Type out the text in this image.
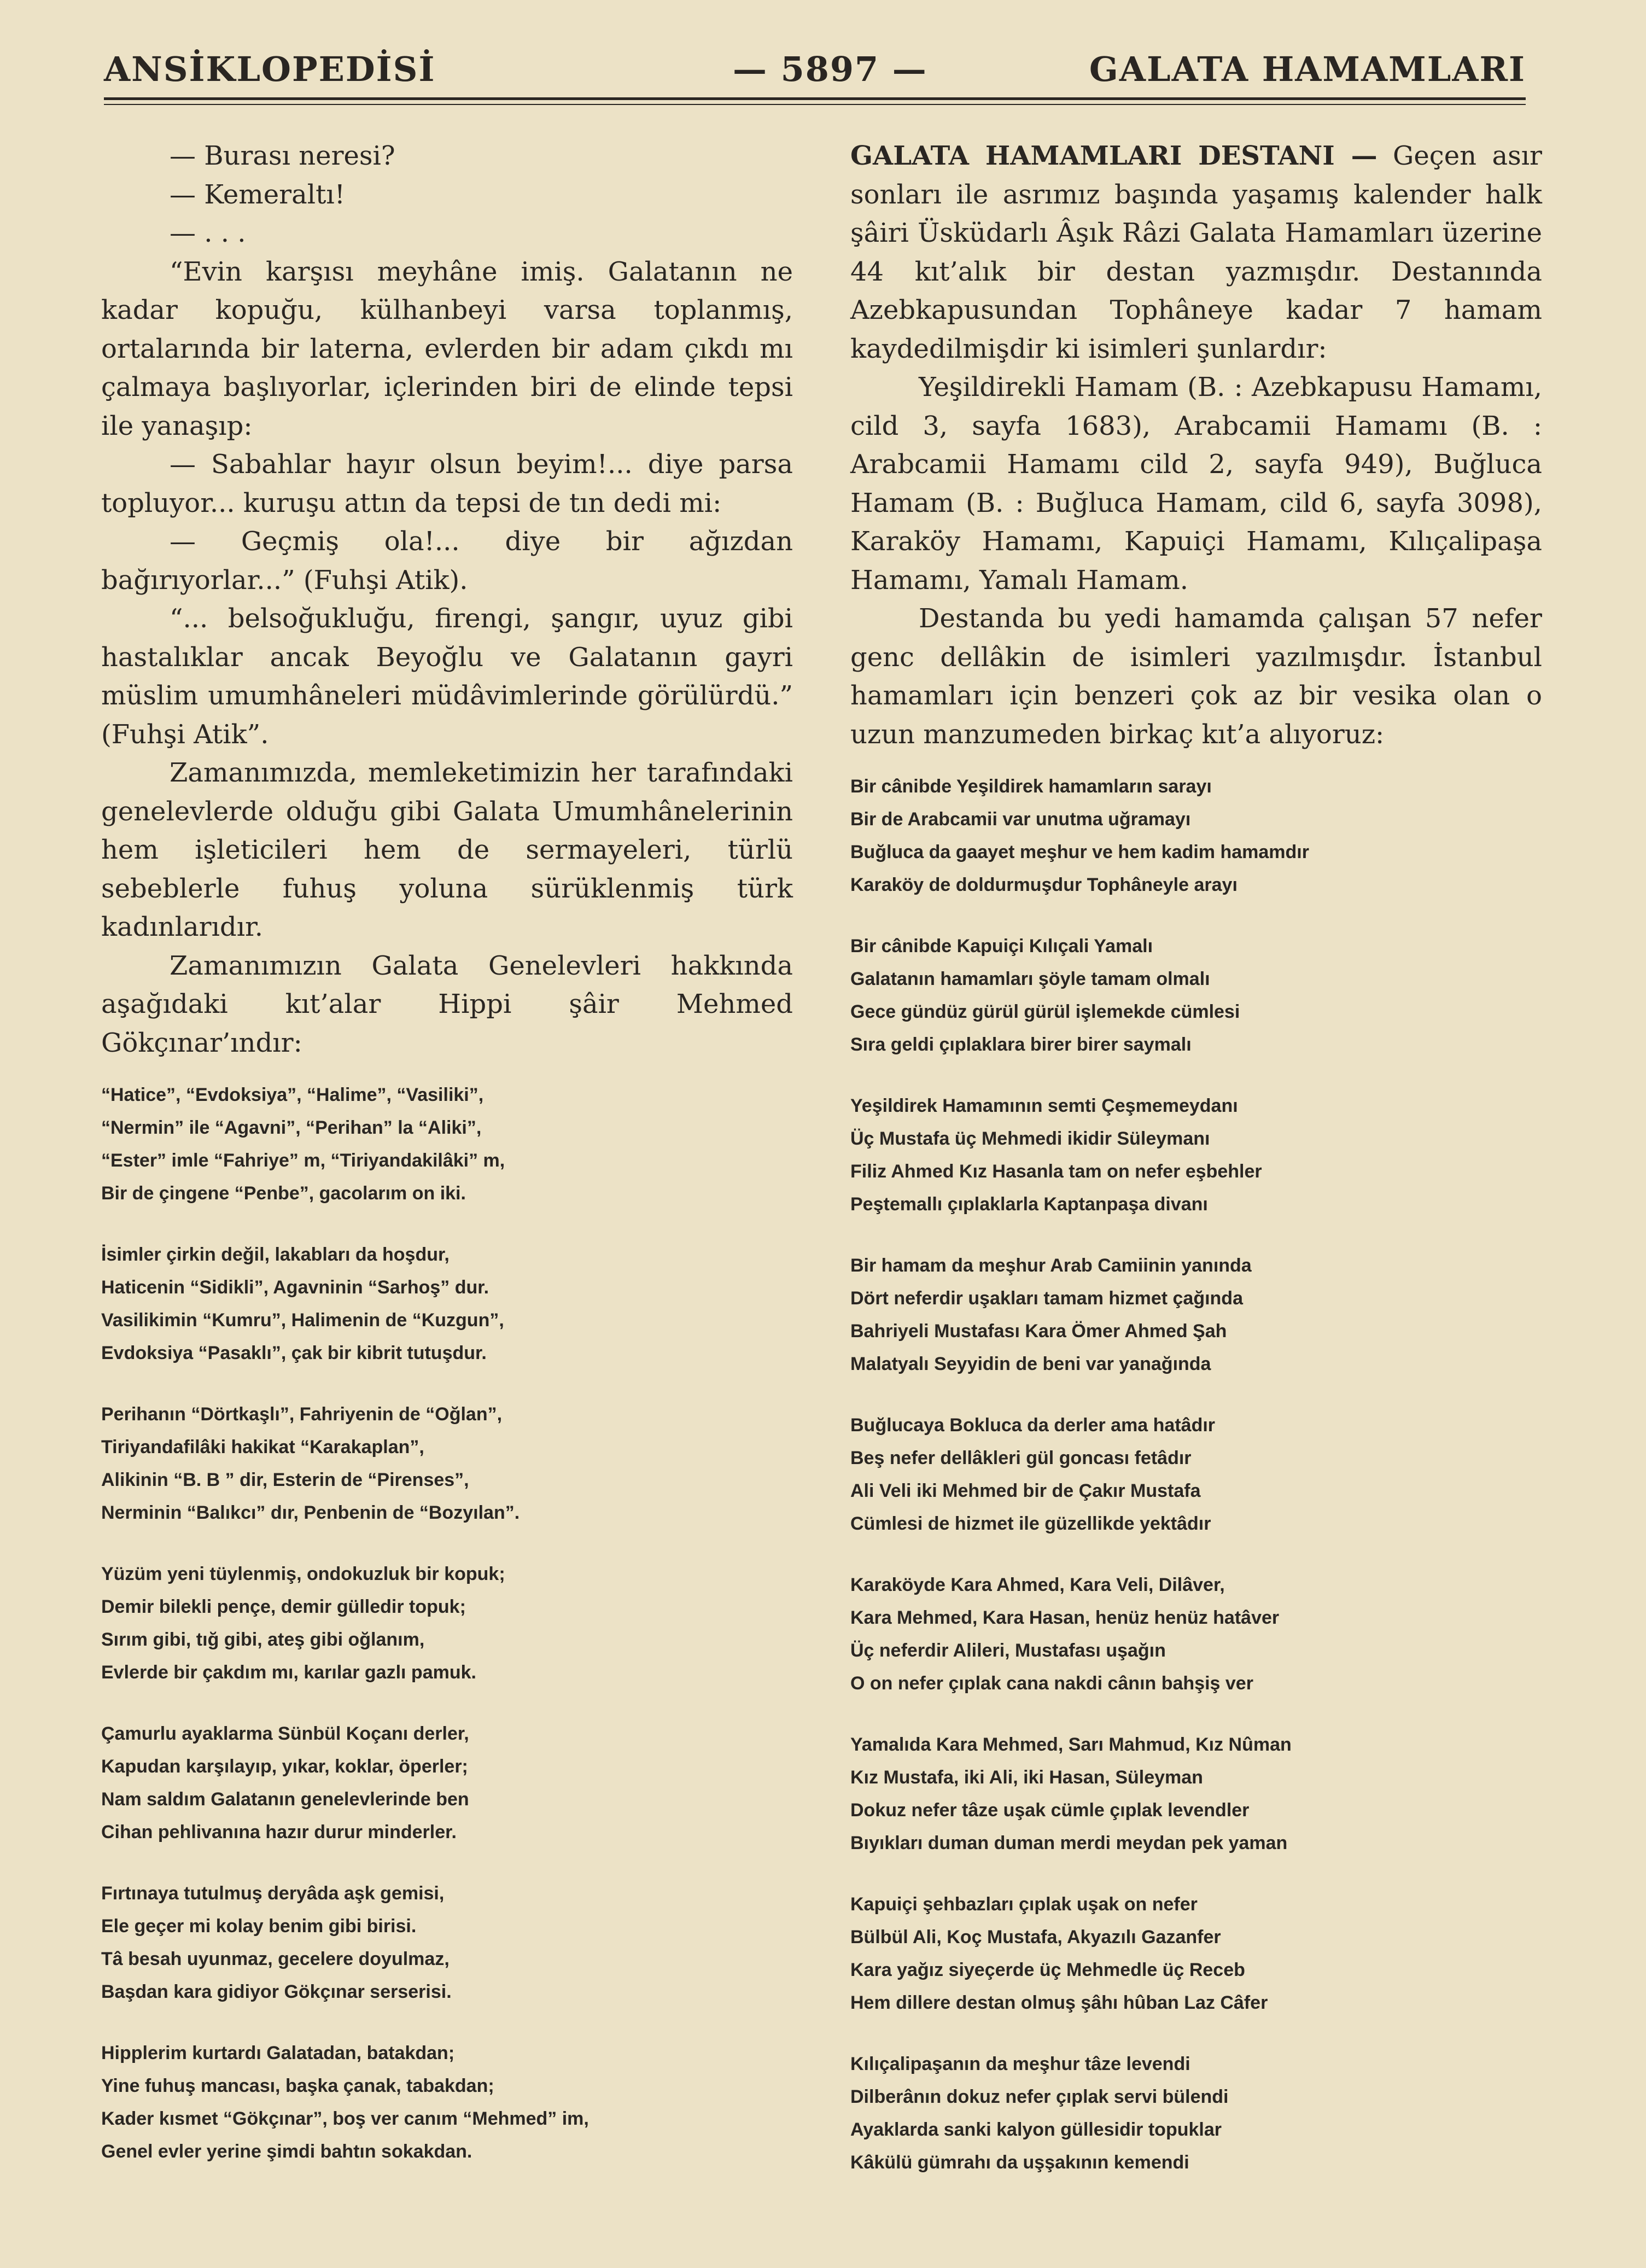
ANSİKLOPEDİSİ	— 5897 —	GALATA HAMAMLARI

— Burası neresi?

— Kemeraltı!

— . . .

“Evin karşısı meyhâne imiş. Galatanın ne kadar kopuğu, külhanbeyi varsa toplanmış, ortalarında bir laterna, evlerden bir adam çıkdı mı çalmaya başlıyorlar, içlerinden biri de elinde tepsi ile yanaşıp:

— Sabahlar hayır olsun beyim!... diye parsa topluyor... kuruşu attın da tepsi de tın dedi mi:

— Geçmiş ola!... diye bir ağızdan bağırıyorlar...” (Fuhşi Atik).

“... belsoğukluğu, firengi, şangır, uyuz gibi hastalıklar ancak Beyoğlu ve Galatanın gayri müslim umumhâneleri müdâvimlerinde görülürdü.” (Fuhşi Atik”.

Zamanımızda, memleketimizin her tarafındaki genelevlerde olduğu gibi Galata Umumhânelerinin hem işleticileri hem de sermayeleri, türlü sebeblerle fuhuş yoluna sürüklenmiş türk kadınlarıdır.

Zamanımızın Galata Genelevleri hakkında aşağıdaki kıt’alar Hippi şâir Mehmed Gökçınar’ındır:

“Hatice”, “Evdoksiya”, “Halime”, “Vasiliki”,
“Nermin” ile “Agavni”, “Perihan” la “Aliki”,
“Ester” imle “Fahriye” m, “Tiriyandakilâki” m,
Bir de çingene “Penbe”, gacolarım on iki.
İsimler çirkin değil, lakabları da hoşdur,
Haticenin “Sidikli”, Agavninin “Sarhoş” dur.
Vasilikimin “Kumru”, Halimenin de “Kuzgun”,
Evdoksiya “Pasaklı”, çak bir kibrit tutuşdur.
Perihanın “Dörtkaşlı”, Fahriyenin de “Oğlan”,
Tiriyandafilâki hakikat “Karakaplan”,
Alikinin “B. B ” dir, Esterin de “Pirenses”,
Nerminin “Balıkcı” dır, Penbenin de “Bozyılan”.
Yüzüm yeni tüylenmiş, ondokuzluk bir kopuk;
Demir bilekli pençe, demir gülledir topuk;
Sırım gibi, tığ gibi, ateş gibi oğlanım,
Evlerde bir çakdım mı, karılar gazlı pamuk.
Çamurlu ayaklarma Sünbül Koçanı derler,
Kapudan karşılayıp, yıkar, koklar, öperler;
Nam saldım Galatanın genelevlerinde ben
Cihan pehlivanına hazır durur minderler.
Fırtınaya tutulmuş deryâda aşk gemisi,
Ele geçer mi kolay benim gibi birisi.
Tâ besah uyunmaz, gecelere doyulmaz,
Başdan kara gidiyor Gökçınar serserisi.
Hipplerim kurtardı Galatadan, batakdan;
Yine fuhuş mancası, başka çanak, tabakdan;
Kader kısmet “Gökçınar”, boş ver canım “Mehmed” im,
Genel evler yerine şimdi bahtın sokakdan.

GALATA HAMAMLARI DESTANI — Geçen asır sonları ile asrımız başında yaşamış kalender halk şâiri Üsküdarlı Âşık Râzi Galata Hamamları üzerine 44 kıt’alık bir destan yazmışdır. Destanında Azebkapusundan Tophâneye kadar 7 hamam kaydedilmişdir ki isimleri şunlardır:

Yeşildirekli Hamam (B. : Azebkapusu Hamamı, cild 3, sayfa 1683), Arabcamii Hamamı (B. : Arabcamii Hamamı cild 2, sayfa 949), Buğluca Hamam (B. : Buğluca Hamam, cild 6, sayfa 3098), Karaköy Hamamı, Kapuiçi Hamamı, Kılıçalipaşa Hamamı, Yamalı Hamam.

Destanda bu yedi hamamda çalışan 57 nefer genc dellâkin de isimleri yazılmışdır. İstanbul hamamları için benzeri çok az bir vesika olan o uzun manzumeden birkaç kıt’a alıyoruz:

Bir cânibde Yeşildirek hamamların sarayı
Bir de Arabcamii var unutma uğramayı
Buğluca da gaayet meşhur ve hem kadim hamamdır
Karaköy de doldurmuşdur Tophâneyle arayı
Bir cânibde Kapuiçi Kılıçali Yamalı
Galatanın hamamları şöyle tamam olmalı
Gece gündüz gürül gürül işlemekde cümlesi
Sıra geldi çıplaklara birer birer saymalı
Yeşildirek Hamamının semti Çeşmemeydanı
Üç Mustafa üç Mehmedi ikidir Süleymanı
Filiz Ahmed Kız Hasanla tam on nefer eşbehler
Peştemallı çıplaklarla Kaptanpaşa divanı
Bir hamam da meşhur Arab Camiinin yanında
Dört neferdir uşakları tamam hizmet çağında
Bahriyeli Mustafası Kara Ömer Ahmed Şah
Malatyalı Seyyidin de beni var yanağında
Buğlucaya Bokluca da derler ama hatâdır
Beş nefer dellâkleri gül goncası fetâdır
Ali Veli iki Mehmed bir de Çakır Mustafa
Cümlesi de hizmet ile güzellikde yektâdır
Karaköyde Kara Ahmed, Kara Veli, Dilâver,
Kara Mehmed, Kara Hasan, henüz henüz hatâver
Üç neferdir Alileri, Mustafası uşağın
O on nefer çıplak cana nakdi cânın bahşiş ver
Yamalıda Kara Mehmed, Sarı Mahmud, Kız Nûman
Kız Mustafa, iki Ali, iki Hasan, Süleyman
Dokuz nefer tâze uşak cümle çıplak levendler
Bıyıkları duman duman merdi meydan pek yaman
Kapuiçi şehbazları çıplak uşak on nefer
Bülbül Ali, Koç Mustafa, Akyazılı Gazanfer
Kara yağız siyeçerde üç Mehmedle üç Receb
Hem dillere destan olmuş şâhı hûban Laz Câfer
Kılıçalipaşanın da meşhur tâze levendi
Dilberânın dokuz nefer çıplak servi bülendi
Ayaklarda sanki kalyon güllesidir topuklar
Kâkülü gümrahı da uşşakının kemendi
